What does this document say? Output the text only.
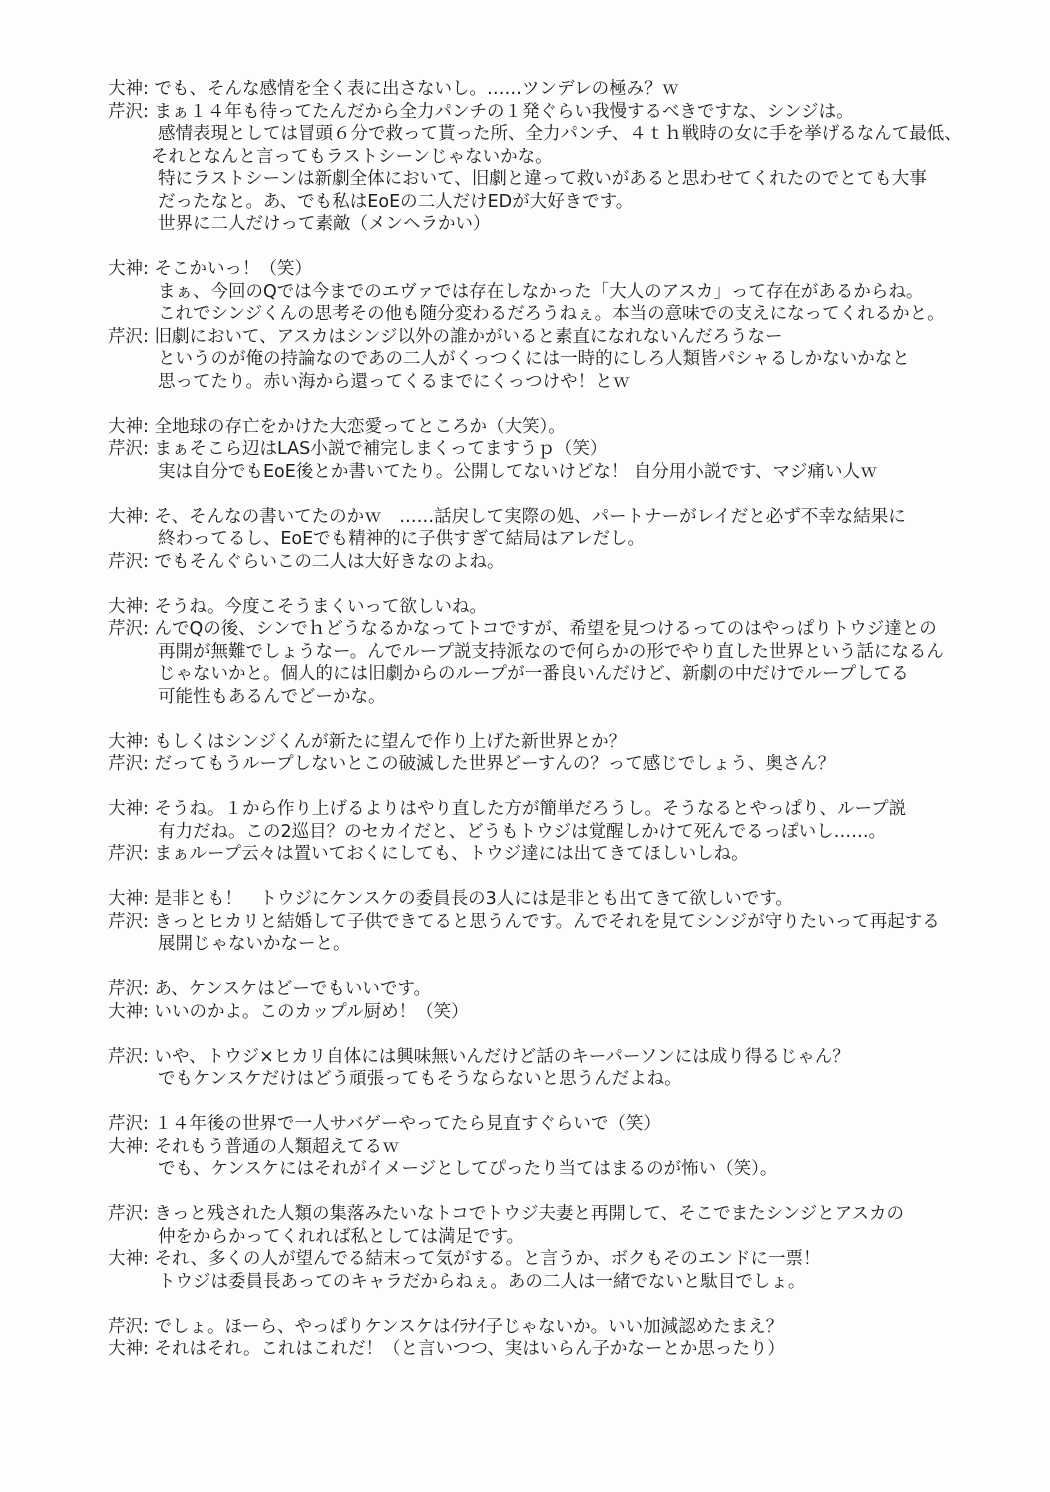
大神: でも、そんな感情を全く表に出さないし。……ツンデレの極み？ｗ
芹沢: まぁ１４年も待ってたんだから全力パンチの１発ぐらい我慢するべきですな、シンジは。
感情表現としては冒頭６分で救って貰った所、全力パンチ、４ｔｈ戦時の女に手を挙げるなんて最低、
それとなんと言ってもラストシーンじゃないかな。
特にラストシーンは新劇全体において、旧劇と違って救いがあると思わせてくれたのでとても大事
だったなと。あ、でも私はEoEの二人だけEDが大好きです。
世界に二人だけって素敵（メンヘラかい）
大神: そこかいっ！（笑）
まぁ、今回のQでは今までのエヴァでは存在しなかった「大人のアスカ」って存在があるからね。
これでシンジくんの思考その他も随分変わるだろうねぇ。本当の意味での支えになってくれるかと。
芹沢: 旧劇において、アスカはシンジ以外の誰かがいると素直になれないんだろうなー
というのが俺の持論なのであの二人がくっつくには一時的にしろ人類皆パシャるしかないかなと
思ってたり。赤い海から還ってくるまでにくっつけや！とｗ
大神: 全地球の存亡をかけた大恋愛ってところか（大笑）。
芹沢: まぁそこら辺はLAS小説で補完しまくってますうｐ（笑）
実は自分でもEoE後とか書いてたり。公開してないけどな！ 自分用小説です、マジ痛い人ｗ
大神: そ、そんなの書いてたのかｗ　……話戻して実際の処、パートナーがレイだと必ず不幸な結果に
終わってるし、EoEでも精神的に子供すぎて結局はアレだし。
芹沢: でもそんぐらいこの二人は大好きなのよね。
大神: そうね。今度こそうまくいって欲しいね。
芹沢: んでQの後、シンでｈどうなるかなってトコですが、希望を見つけるってのはやっぱりトウジ達との
再開が無難でしょうなー。んでループ説支持派なので何らかの形でやり直した世界という話になるん
じゃないかと。個人的には旧劇からのループが一番良いんだけど、新劇の中だけでループしてる
可能性もあるんでどーかな。
大神: もしくはシンジくんが新たに望んで作り上げた新世界とか？
芹沢: だってもうループしないとこの破滅した世界どーすんの？って感じでしょう、奥さん？
大神: そうね。１から作り上げるよりはやり直した方が簡単だろうし。そうなるとやっぱり、ループ説
有力だね。この2巡目？のセカイだと、どうもトウジは覚醒しかけて死んでるっぽいし……。
芹沢: まぁループ云々は置いておくにしても、トウジ達には出てきてほしいしね。
大神: 是非とも！　トウジにケンスケの委員長の3人には是非とも出てきて欲しいです。
芹沢: きっとヒカリと結婚して子供できてると思うんです。んでそれを見てシンジが守りたいって再起する
展開じゃないかなーと。
芹沢: あ、ケンスケはどーでもいいです。
大神: いいのかよ。このカップル厨め！（笑）
芹沢: いや、トウジ×ヒカリ自体には興味無いんだけど話のキーパーソンには成り得るじゃん？
でもケンスケだけはどう頑張ってもそうならないと思うんだよね。
芹沢: １４年後の世界で一人サバゲーやってたら見直すぐらいで（笑）
大神: それもう普通の人類超えてるｗ
でも、ケンスケにはそれがイメージとしてぴったり当てはまるのが怖い（笑）。
芹沢: きっと残された人類の集落みたいなトコでトウジ夫妻と再開して、そこでまたシンジとアスカの
仲をからかってくれれば私としては満足です。
大神: それ、多くの人が望んでる結末って気がする。と言うか、ボクもそのエンドに一票！
トウジは委員長あってのキャラだからねぇ。あの二人は一緒でないと駄目でしょ。
芹沢: でしょ。ほーら、やっぱりケンスケはｲﾗﾅｲ子じゃないか。いい加減認めたまえ？
大神: それはそれ。これはこれだ！（と言いつつ、実はいらん子かなーとか思ったり）
